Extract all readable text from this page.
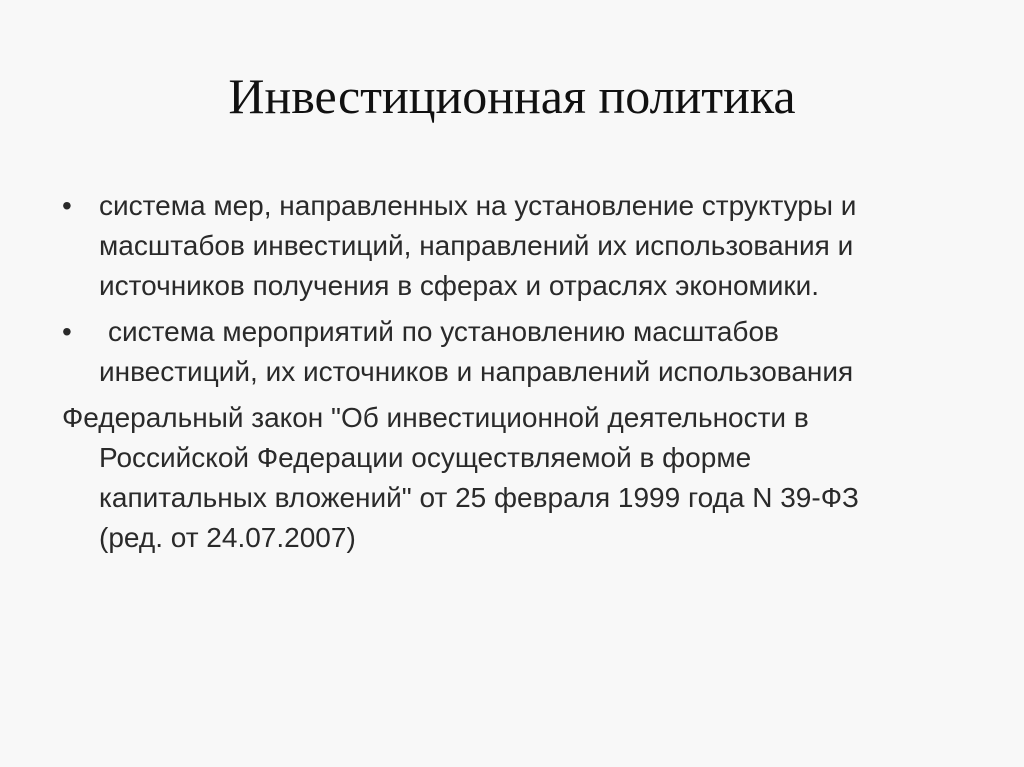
Инвестиционная политика
• система мер, направленных на установление структуры и
масштабов инвестиций, направлений их использования и
источников получения в сферах и отраслях экономики.
•	система мероприятий по установлению масштабов
инвестиций, их источников и направлений использования
Федеральный закон "Об инвестиционной деятельности в
Российской Федерации осуществляемой в форме
капитальных вложений" от 25 февраля 1999 года N 39-ФЗ
(ред. от 24.07.2007)
